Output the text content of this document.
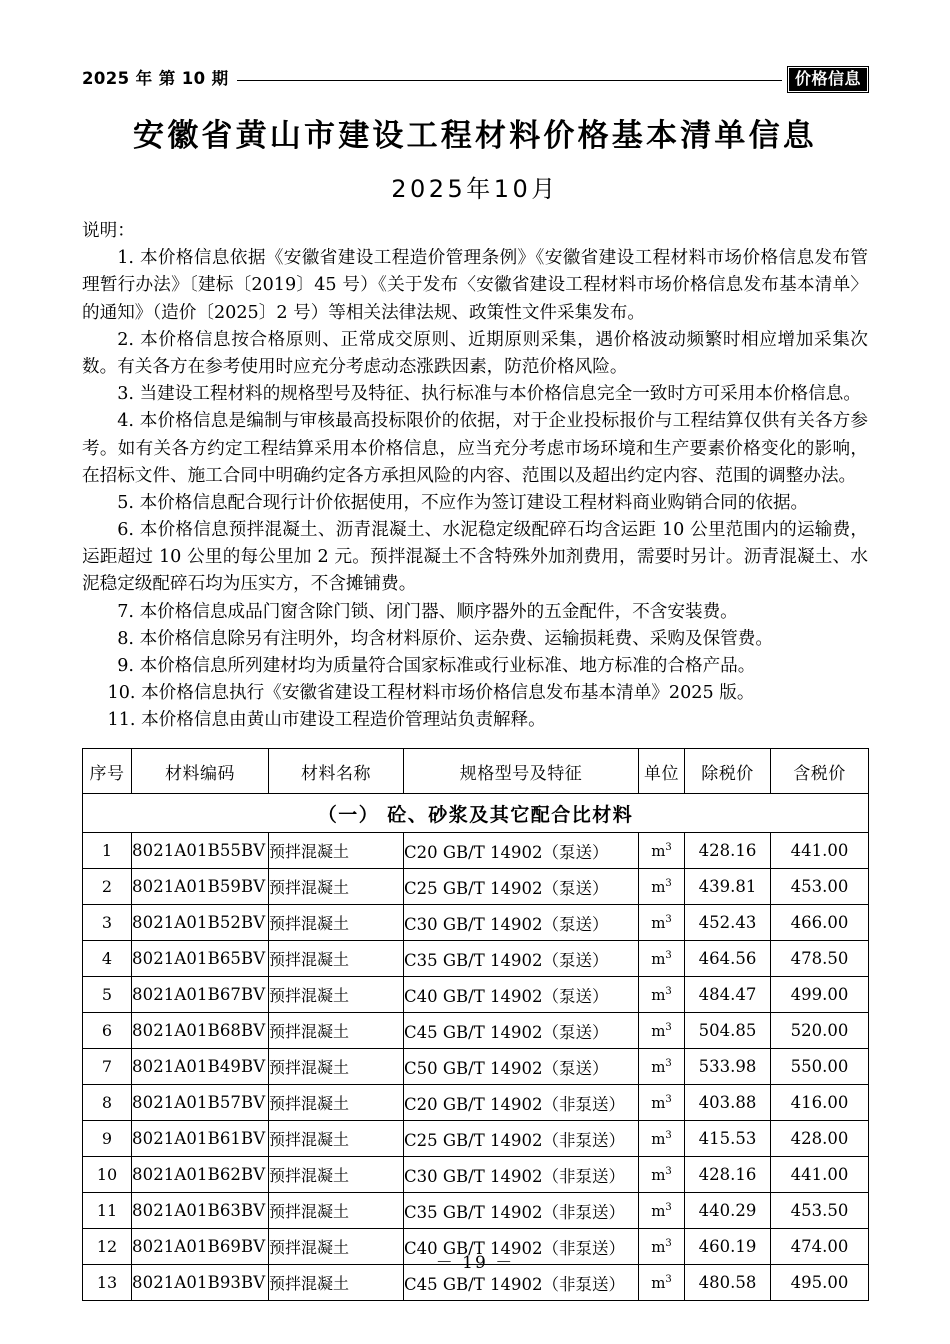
2025 年 第 10 期	价格信息
安徽省黄山市建设工程材料价格基本清单信息
2025年10月

说明：

1. 本价格信息依据《安徽省建设工程造价管理条例》《安徽省建设工程材料市场价格信息发布管理暂行办法》〔建标〔2019〕45 号）《关于发布〈安徽省建设工程材料市场价格信息发布基本清单〉的通知》（造价〔2025〕2 号）等相关法律法规、政策性文件采集发布。

2. 本价格信息按合格原则、正常成交原则、近期原则采集，遇价格波动频繁时相应增加采集次数。有关各方在参考使用时应充分考虑动态涨跌因素，防范价格风险。

3. 当建设工程材料的规格型号及特征、执行标准与本价格信息完全一致时方可采用本价格信息。

4. 本价格信息是编制与审核最高投标限价的依据，对于企业投标报价与工程结算仅供有关各方参考。如有关各方约定工程结算采用本价格信息，应当充分考虑市场环境和生产要素价格变化的影响，在招标文件、施工合同中明确约定各方承担风险的内容、范围以及超出约定内容、范围的调整办法。

5. 本价格信息配合现行计价依据使用，不应作为签订建设工程材料商业购销合同的依据。

6. 本价格信息预拌混凝土、沥青混凝土、水泥稳定级配碎石均含运距 10 公里范围内的运输费，运距超过 10 公里的每公里加 2 元。预拌混凝土不含特殊外加剂费用，需要时另计。沥青混凝土、水泥稳定级配碎石均为压实方，不含摊铺费。

7. 本价格信息成品门窗含除门锁、闭门器、顺序器外的五金配件，不含安装费。

8. 本价格信息除另有注明外，均含材料原价、运杂费、运输损耗费、采购及保管费。

9. 本价格信息所列建材均为质量符合国家标准或行业标准、地方标准的合格产品。

10. 本价格信息执行《安徽省建设工程材料市场价格信息发布基本清单》2025 版。

11. 本价格信息由黄山市建设工程造价管理站负责解释。

序号	材料编码	材料名称	规格型号及特征	单位	除税价	含税价
（一） 砼、砂浆及其它配合比材料						
1	8021A01B55BV	预拌混凝土	C20 GB/T 14902（泵送）	$m^3$	428.16	441.00
2	8021A01B59BV	预拌混凝土	C25 GB/T 14902（泵送）	$m^3$	439.81	453.00
3	8021A01B52BV	预拌混凝土	C30 GB/T 14902（泵送）	$m^3$	452.43	466.00
4	8021A01B65BV	预拌混凝土	C35 GB/T 14902（泵送）	$m^3$	464.56	478.50
5	8021A01B67BV	预拌混凝土	C40 GB/T 14902（泵送）	$m^3$	484.47	499.00
6	8021A01B68BV	预拌混凝土	C45 GB/T 14902（泵送）	$m^3$	504.85	520.00
7	8021A01B49BV	预拌混凝土	C50 GB/T 14902（泵送）	$m^3$	533.98	550.00
8	8021A01B57BV	预拌混凝土	C20 GB/T 14902（非泵送）	$m^3$	403.88	416.00
9	8021A01B61BV	预拌混凝土	C25 GB/T 14902（非泵送）	$m^3$	415.53	428.00
10	8021A01B62BV	预拌混凝土	C30 GB/T 14902（非泵送）	$m^3$	428.16	441.00
11	8021A01B63BV	预拌混凝土	C35 GB/T 14902（非泵送）	$m^3$	440.29	453.50
12	8021A01B69BV	预拌混凝土	C40 GB/T 14902（非泵送）	$m^3$	460.19	474.00
13	8021A01B93BV	预拌混凝土	C45 GB/T 14902（非泵送）	$m^3$	480.58	495.00
－ 19 －
